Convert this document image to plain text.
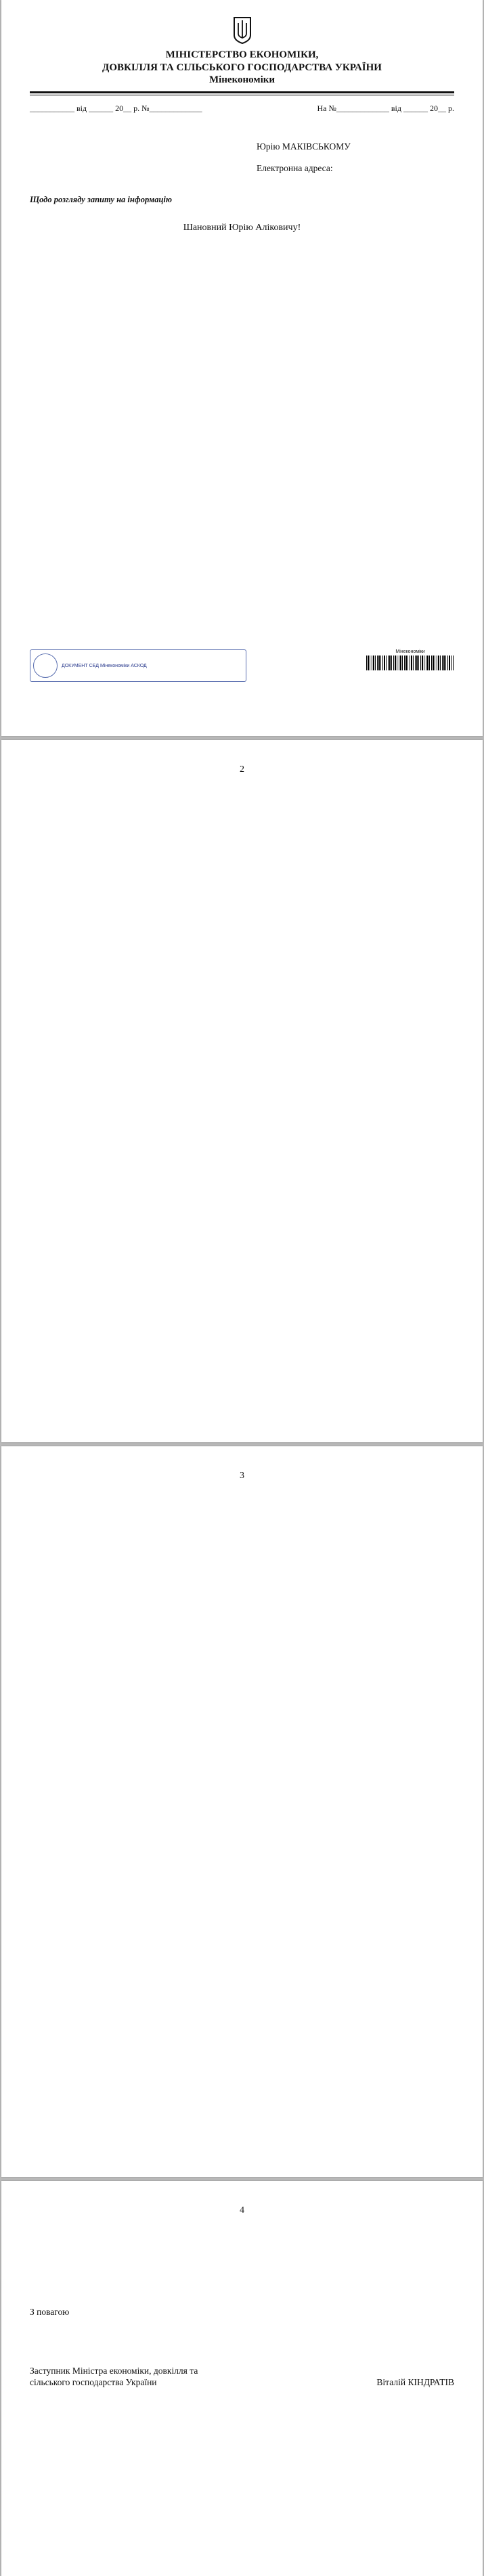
МІНІСТЕРСТВО ЕКОНОМІКИ,
ДОВКІЛЛЯ ТА СІЛЬСЬКОГО ГОСПОДАРСТВА УКРАЇНИ
Мінекономіки
___________ від ______ 20__ р. №_____________	На №_____________ від ______ 20__ р.
Юрію МАКІВСЬКОМУ
Електронна адреса:
Щодо розгляду запиту на інформацію
Шановний Юрію Аліковичу!

ДОКУМЕНТ СЕД Мінекономіки АСКОД
Мінекономіки
2

3

4

З повагою
Заступник Міністра економіки, довкілля та сільського господарства України	Віталій КІНДРАТІВ
